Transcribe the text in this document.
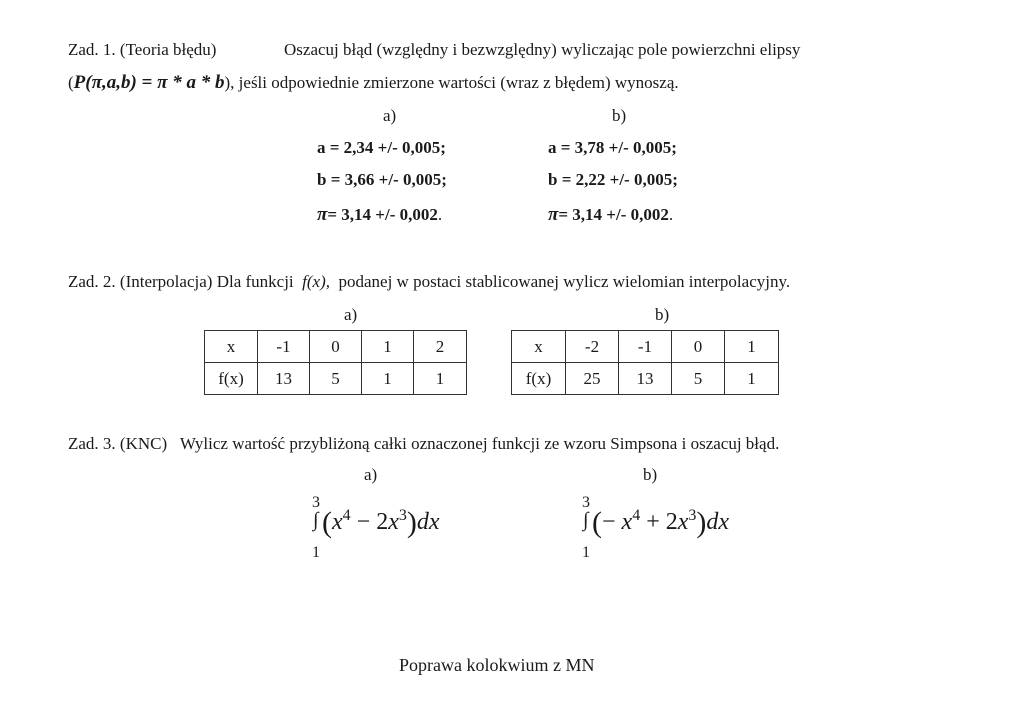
Zad. 1. (Teoria błędu)	Oszacuj błąd (względny i bezwzględny) wyliczając pole powierzchni elipsy
(P(π,a,b) = π * a * b), jeśli odpowiednie zmierzone wartości (wraz z błędem) wynoszą.
a)	b)
a = 2,34 +/- 0,005;	a = 3,78 +/- 0,005;
b = 3,66 +/- 0,005;	b = 2,22 +/- 0,005;
π= 3,14 +/- 0,002.	π= 3,14 +/- 0,002.
Zad. 2. (Interpolacja) Dla funkcji f(x), podanej w postaci stablicowanej wylicz wielomian interpolacyjny.
a)	b)
x	-1	0	1	2
f(x)	13	5	1	1
x	-2	-1	0	1
f(x)	25	13	5	1
Zad. 3. (KNC) Wylicz wartość przybliżoną całki oznaczonej funkcji ze wzoru Simpsona i oszacuj błąd.
a)	b)
3
∫
1
$(x^4 - 2x^3)dx$
3
∫
1
(− $x^4 + 2x^3)dx$
Poprawa kolokwium z MN
